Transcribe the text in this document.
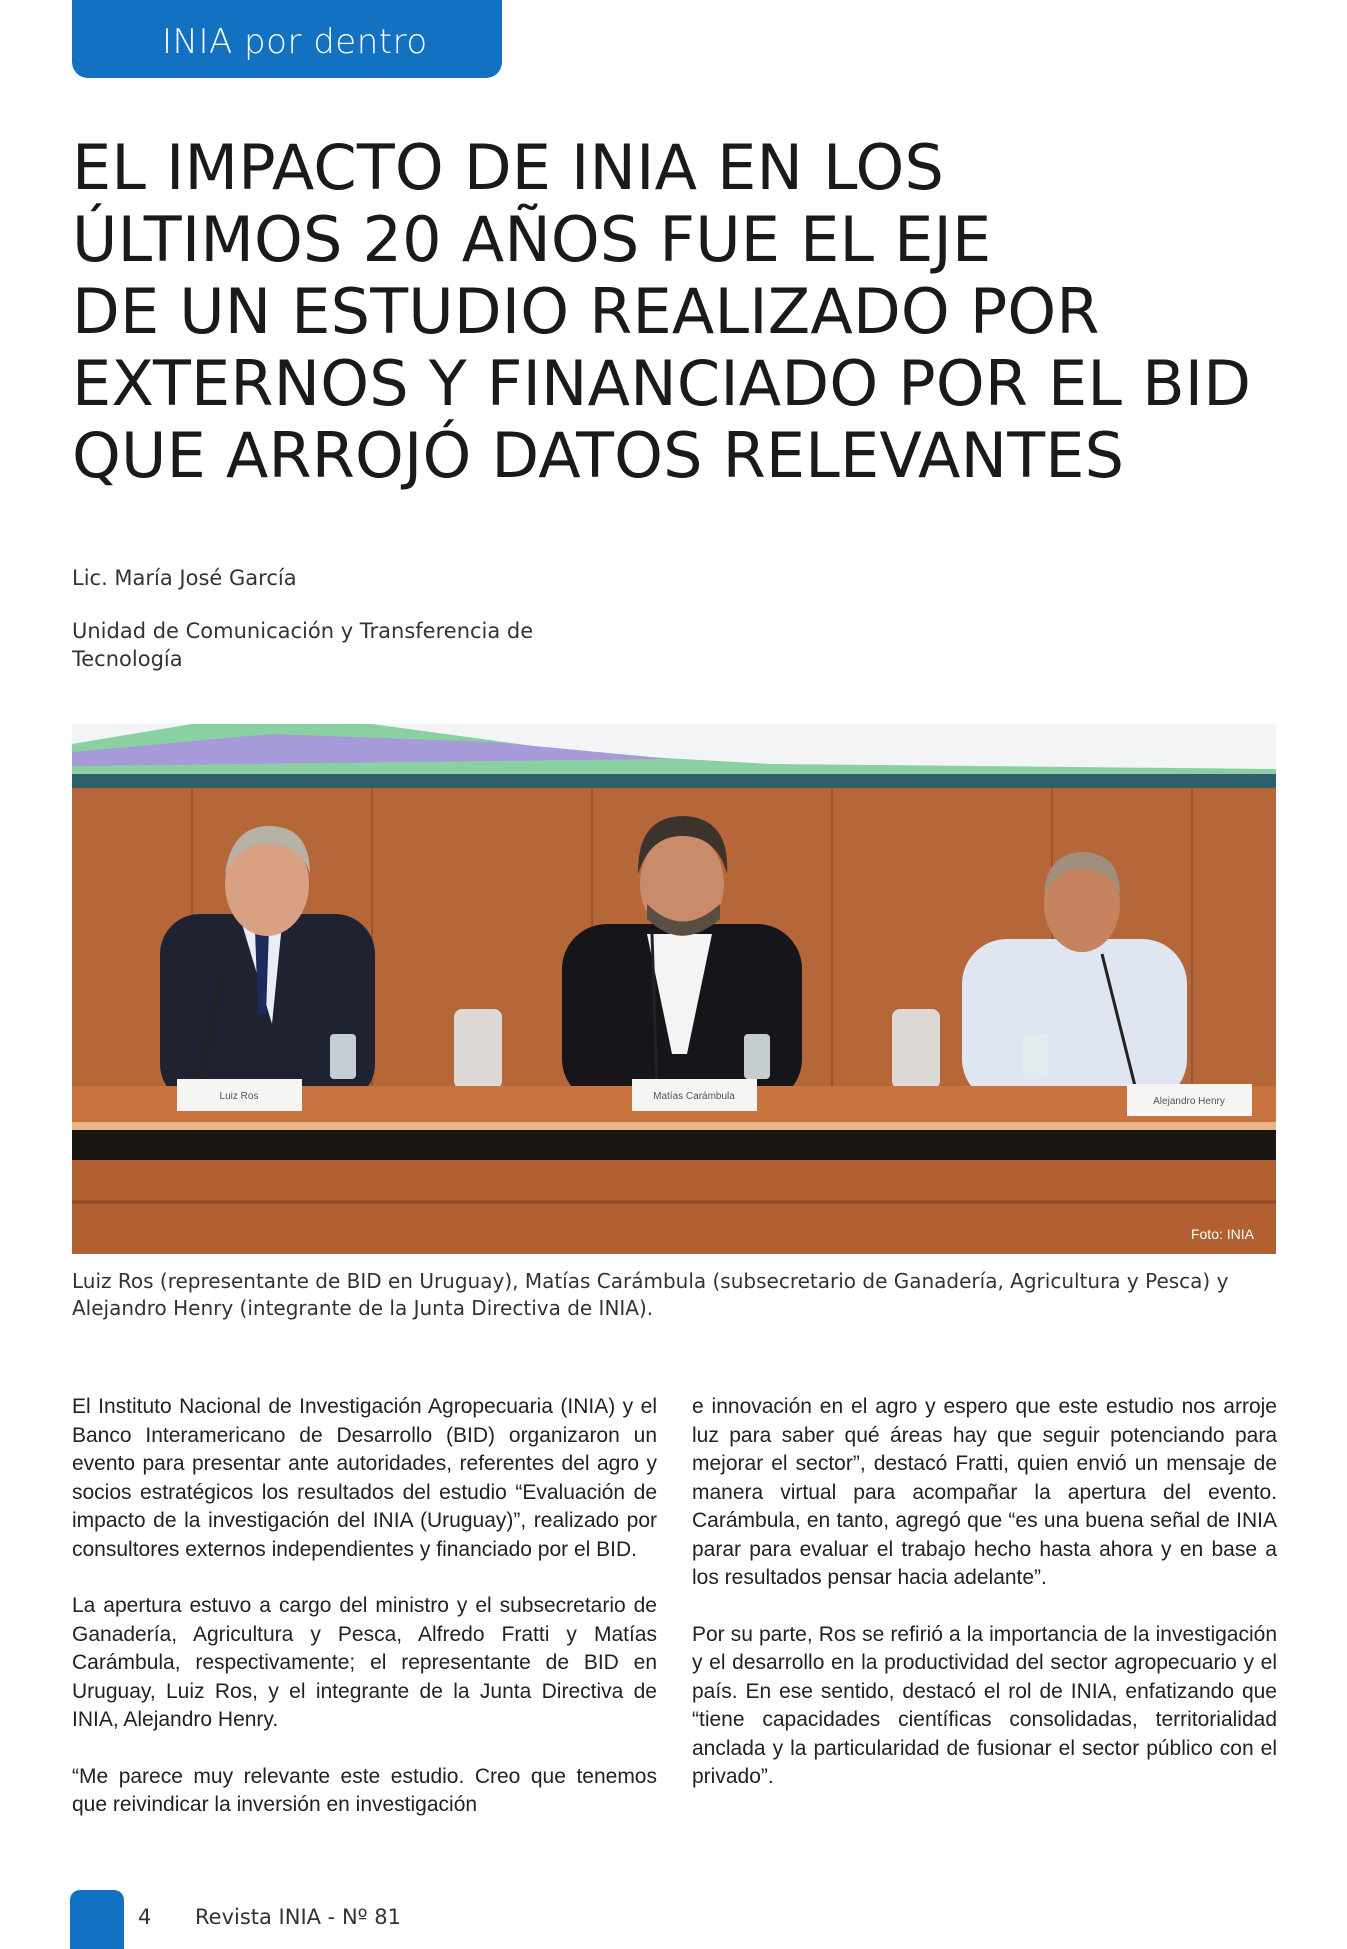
INIA por dentro
EL IMPACTO DE INIA EN LOS
ÚLTIMOS 20 AÑOS FUE EL EJE
DE UN ESTUDIO REALIZADO POR
EXTERNOS Y FINANCIADO POR EL BID
QUE ARROJÓ DATOS RELEVANTES
Lic. María José García
Unidad de Comunicación y Transferencia de Tecnología
Luiz Ros	Matías Carámbula	Alejandro Henry
Foto: INIA
Luiz Ros (representante de BID en Uruguay), Matías Carámbula (subsecretario de Ganadería, Agricultura y Pesca) y Alejandro Henry (integrante de la Junta Directiva de INIA).

El Instituto Nacional de Investigación Agropecuaria (INIA) y el Banco Interamericano de Desarrollo (BID) organizaron un evento para presentar ante autoridades, referentes del agro y socios estratégicos los resultados del estudio “Evaluación de impacto de la investigación del INIA (Uruguay)”, realizado por consultores externos independientes y financiado por el BID.

La apertura estuvo a cargo del ministro y el subsecretario de Ganadería, Agricultura y Pesca, Alfredo Fratti y Matías Carámbula, respectivamente; el representante de BID en Uruguay, Luiz Ros, y el integrante de la Junta Directiva de INIA, Alejandro Henry.

“Me parece muy relevante este estudio. Creo que tenemos que reivindicar la inversión en investigación

e innovación en el agro y espero que este estudio nos arroje luz para saber qué áreas hay que seguir potenciando para mejorar el sector”, destacó Fratti, quien envió un mensaje de manera virtual para acompañar la apertura del evento. Carámbula, en tanto, agregó que “es una buena señal de INIA parar para evaluar el trabajo hecho hasta ahora y en base a los resultados pensar hacia adelante”.

Por su parte, Ros se refirió a la importancia de la investigación y el desarrollo en la productividad del sector agropecuario y el país. En ese sentido, destacó el rol de INIA, enfatizando que “tiene capacidades científicas consolidadas, territorialidad anclada y la particularidad de fusionar el sector público con el privado”.

4 Revista INIA - Nº 81
